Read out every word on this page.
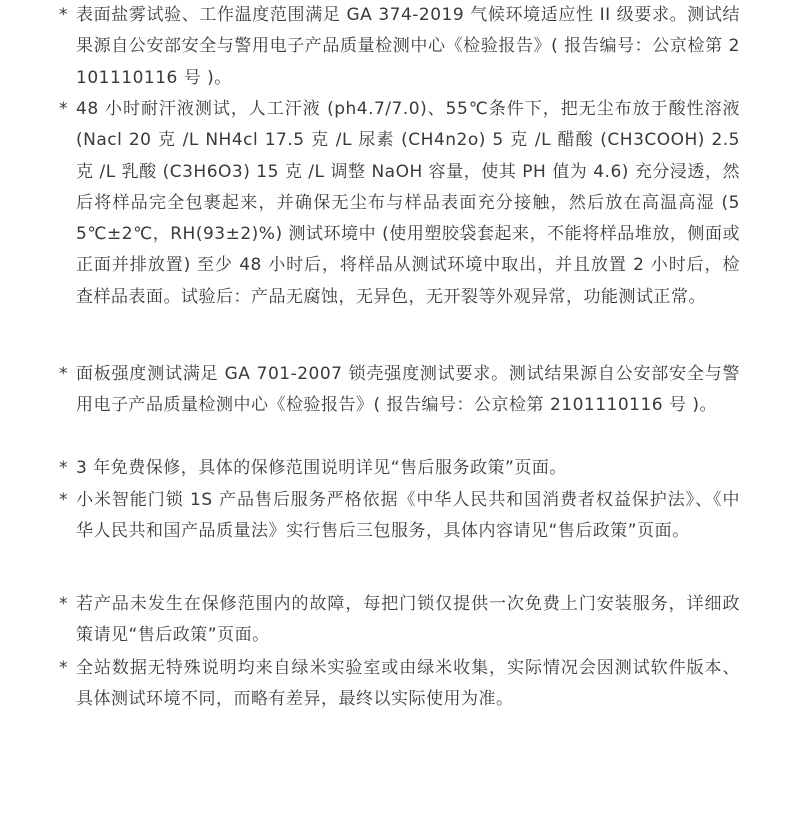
* 表面盐雾试验、工作温度范围满足 GA 374-2019 气候环境适应性 II 级要求。测试结果源自公安部安全与警用电子产品质量检测中心《检验报告》( 报告编号：公京检第 2101110116 号 )。
* 48 小时耐汗液测试，人工汗液 (ph4.7/7.0)、55℃条件下，把无尘布放于酸性溶液 (Nacl 20 克 /L NH4cl 17.5 克 /L 尿素 (CH4n2o) 5 克 /L 醋酸 (CH3COOH) 2.5 克 /L 乳酸 (C3H6O3) 15 克 /L 调整 NaOH 容量，使其 PH 值为 4.6) 充分浸透，然后将样品完全包裹起来，并确保无尘布与样品表面充分接触，然后放在高温高湿 (55℃±2℃，RH(93±2)%) 测试环境中 (使用塑胶袋套起来，不能将样品堆放，侧面或正面并排放置) 至少 48 小时后，将样品从测试环境中取出，并且放置 2 小时后，检查样品表面。试验后：产品无腐蚀，无异色，无开裂等外观异常，功能测试正常。
* 面板强度测试满足 GA 701-2007 锁壳强度测试要求。测试结果源自公安部安全与警用电子产品质量检测中心《检验报告》( 报告编号：公京检第 2101110116 号 )。
* 3 年免费保修，具体的保修范围说明详见“售后服务政策”页面。
* 小米智能门锁 1S 产品售后服务严格依据《中华人民共和国消费者权益保护法》、《中华人民共和国产品质量法》实行售后三包服务，具体内容请见“售后政策”页面。
* 若产品未发生在保修范围内的故障，每把门锁仅提供一次免费上门安装服务，详细政策请见“售后政策”页面。
* 全站数据无特殊说明均来自绿米实验室或由绿米收集，实际情况会因测试软件版本、具体测试环境不同，而略有差异，最终以实际使用为准。
